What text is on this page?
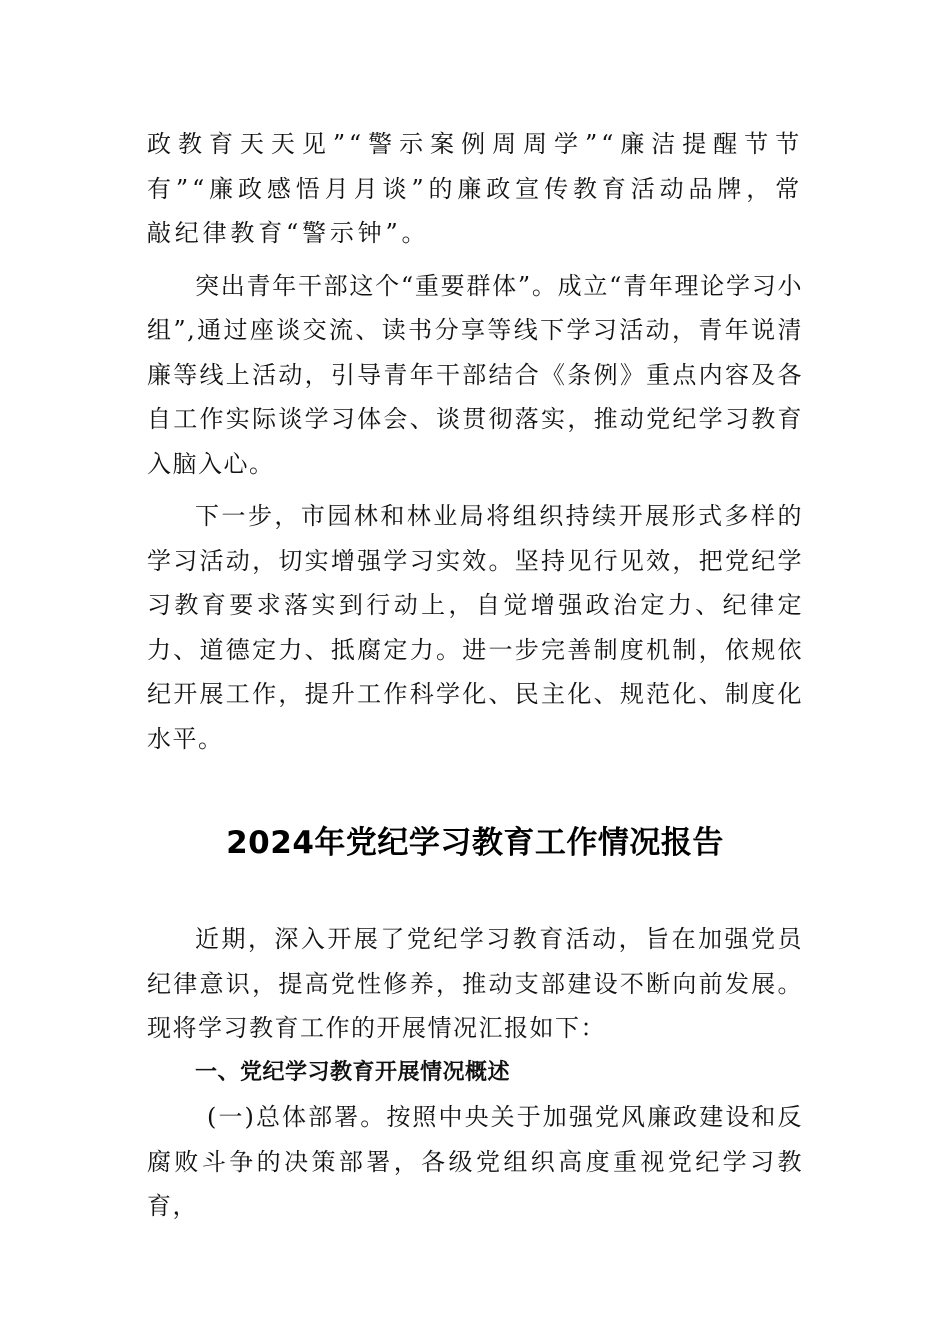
政教育天天见”“警示案例周周学”“廉洁提醒节节有”“廉政感悟月月谈”的廉政宣传教育活动品牌，常敲纪律教育“警示钟”。

突出青年干部这个“重要群体”。成立“青年理论学习小组”,通过座谈交流、读书分享等线下学习活动，青年说清廉等线上活动，引导青年干部结合《条例》重点内容及各自工作实际谈学习体会、谈贯彻落实，推动党纪学习教育入脑入心。

下一步，市园林和林业局将组织持续开展形式多样的学习活动，切实增强学习实效。坚持见行见效，把党纪学习教育要求落实到行动上，自觉增强政治定力、纪律定力、道德定力、抵腐定力。进一步完善制度机制，依规依纪开展工作，提升工作科学化、民主化、规范化、制度化水平。

2024年党纪学习教育工作情况报告

近期，深入开展了党纪学习教育活动，旨在加强党员纪律意识，提高党性修养，推动支部建设不断向前发展。现将学习教育工作的开展情况汇报如下：

一、党纪学习教育开展情况概述

(一)总体部署。按照中央关于加强党风廉政建设和反腐败斗争的决策部署，各级党组织高度重视党纪学习教育，
